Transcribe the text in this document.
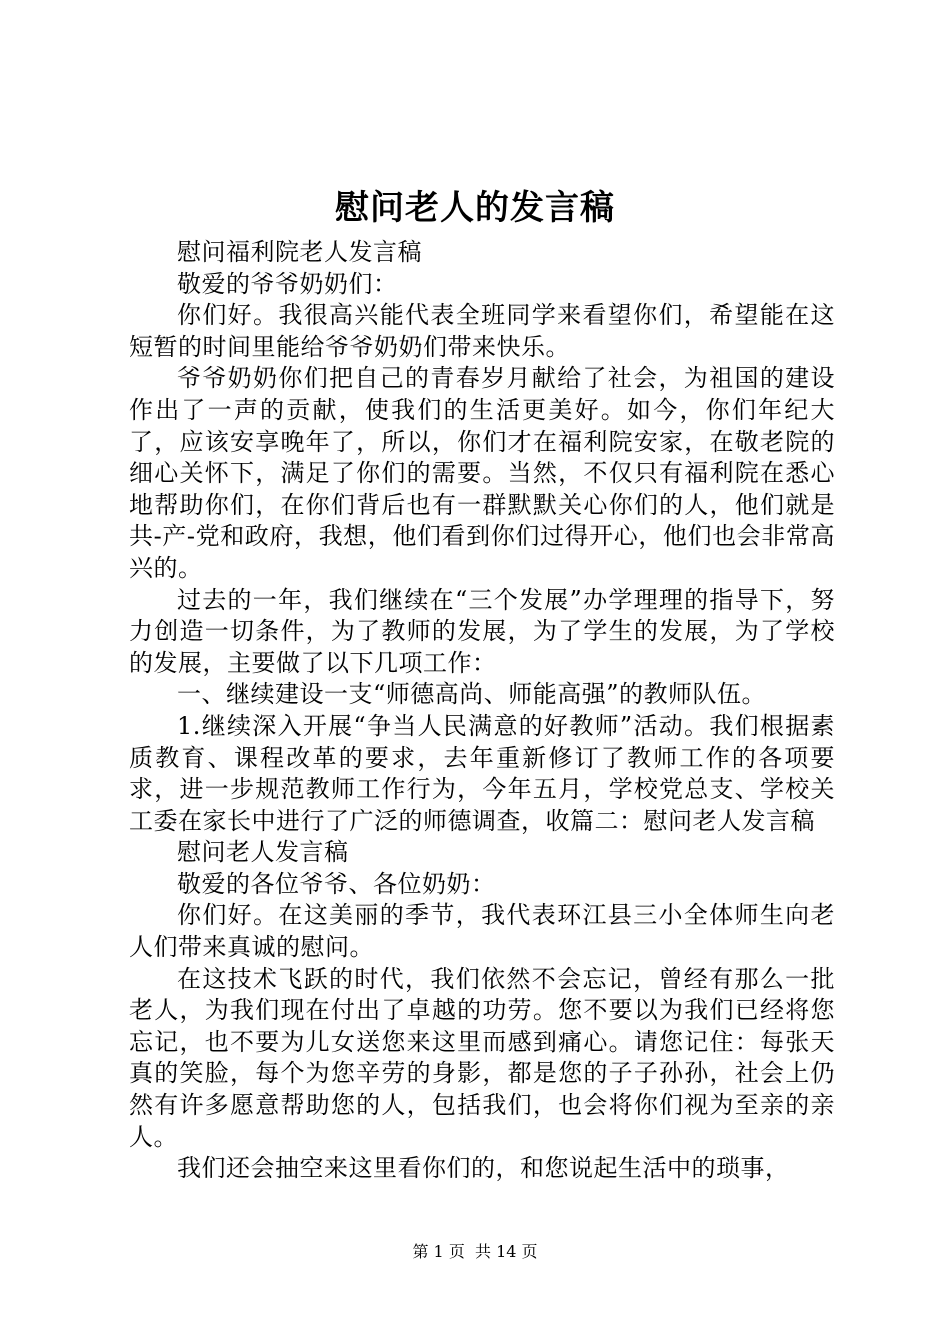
慰问老人的发言稿

慰问福利院老人发言稿

敬爱的爷爷奶奶们：

你们好。我很高兴能代表全班同学来看望你们，希望能在这短暂的时间里能给爷爷奶奶们带来快乐。

爷爷奶奶你们把自己的青春岁月献给了社会，为祖国的建设作出了一声的贡献，使我们的生活更美好。如今，你们年纪大了，应该安享晚年了，所以，你们才在福利院安家，在敬老院的细心关怀下，满足了你们的需要。当然，不仅只有福利院在悉心地帮助你们，在你们背后也有一群默默关心你们的人，他们就是共-产-党和政府，我想，他们看到你们过得开心，他们也会非常高兴的。

过去的一年，我们继续在“三个发展”办学理理的指导下，努力创造一切条件，为了教师的发展，为了学生的发展，为了学校的发展，主要做了以下几项工作：

一、继续建设一支“师德高尚、师能高强”的教师队伍。

1.继续深入开展“争当人民满意的好教师”活动。我们根据素质教育、课程改革的要求，去年重新修订了教师工作的各项要求，进一步规范教师工作行为，今年五月，学校党总支、学校关工委在家长中进行了广泛的师德调查，收篇二：慰问老人发言稿

慰问老人发言稿

敬爱的各位爷爷、各位奶奶：

你们好。在这美丽的季节，我代表环江县三小全体师生向老人们带来真诚的慰问。

在这技术飞跃的时代，我们依然不会忘记，曾经有那么一批老人，为我们现在付出了卓越的功劳。您不要以为我们已经将您忘记，也不要为儿女送您来这里而感到痛心。请您记住：每张天真的笑脸，每个为您辛劳的身影，都是您的子子孙孙，社会上仍然有许多愿意帮助您的人，包括我们，也会将你们视为至亲的亲人。

我们还会抽空来这里看你们的，和您说起生活中的琐事，

第 1 页  共 14 页
